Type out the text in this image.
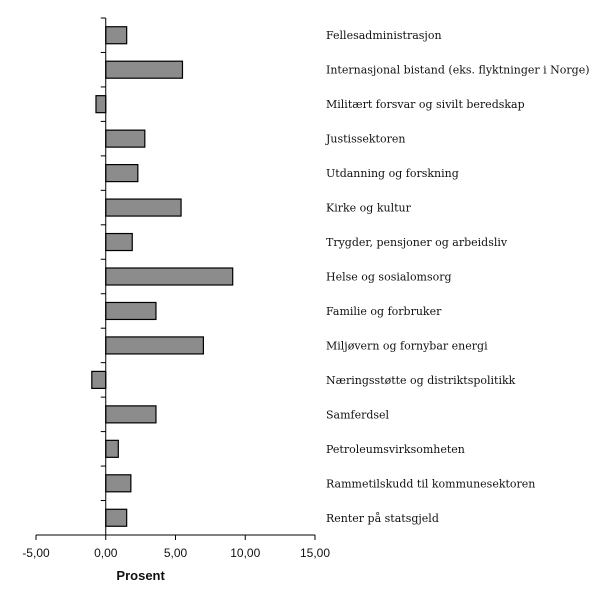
Fellesadministrasjon
Internasjonal bistand (eks. flyktninger i Norge)
Militært forsvar og sivilt beredskap
Justissektoren
Utdanning og forskning
Kirke og kultur
Trygder, pensjoner og arbeidsliv
Helse og sosialomsorg
Familie og forbruker
Miljøvern og fornybar energi
Næringsstøtte og distriktspolitikk
Samferdsel
Petroleumsvirksomheten
Rammetilskudd til kommunesektoren
Renter på statsgjeld
-5,00	0,00	5,00	10,00	15,00
Prosent
